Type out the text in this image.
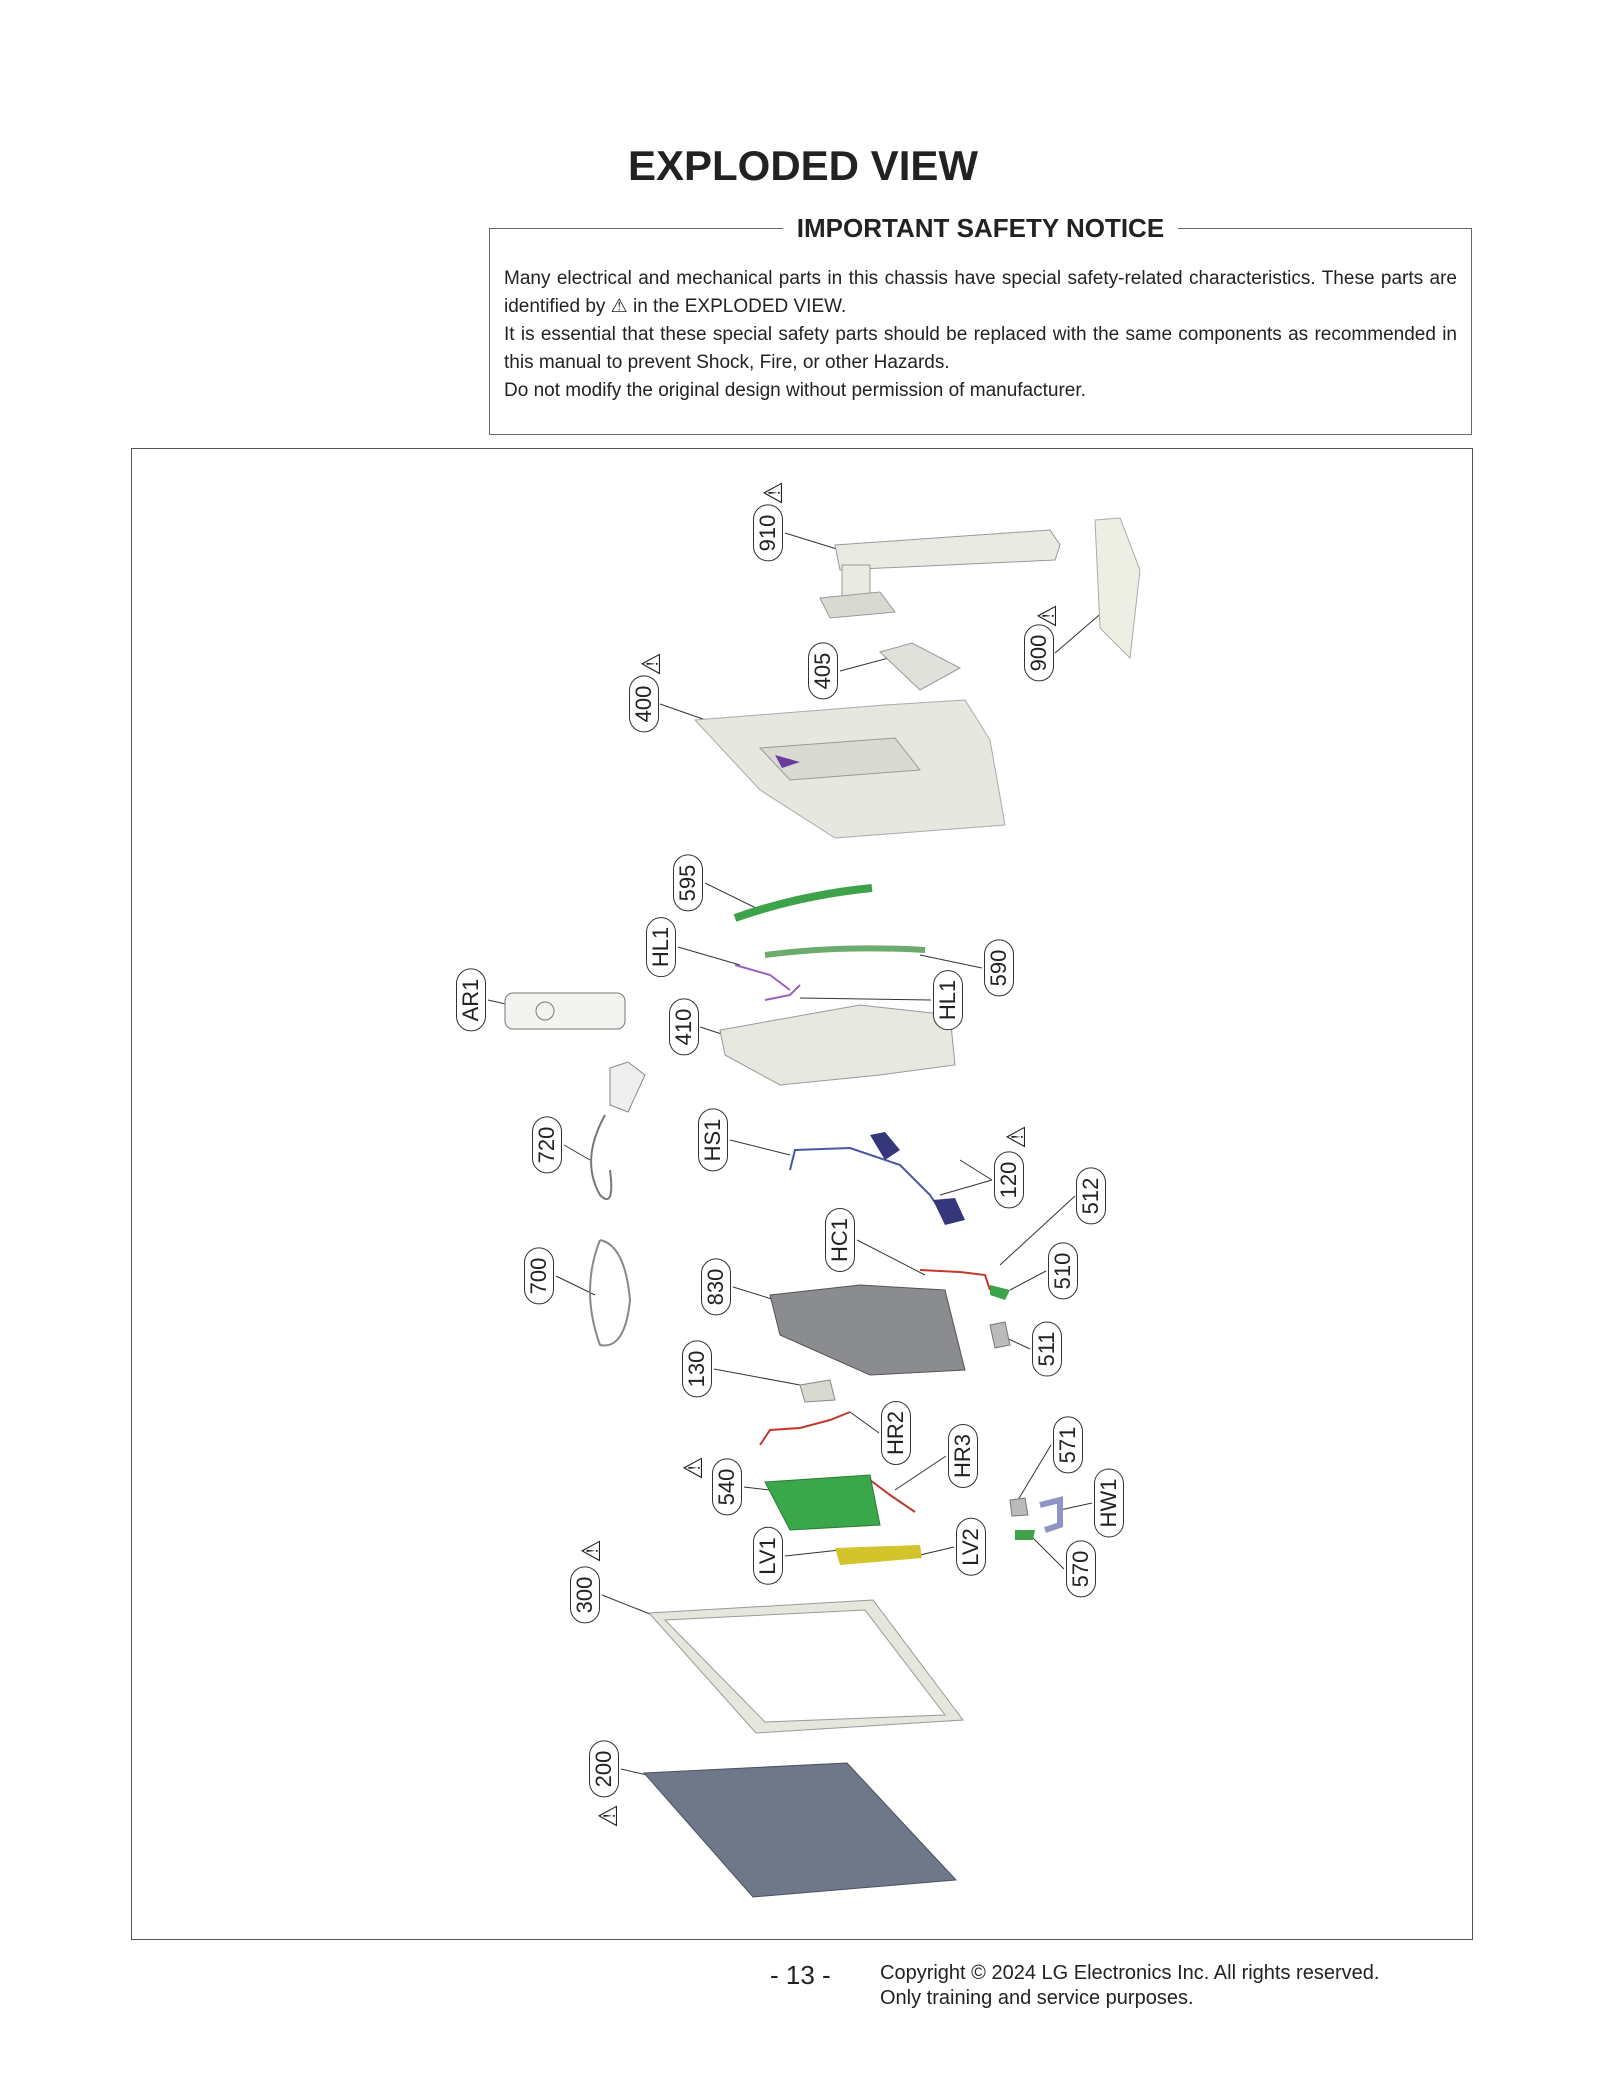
EXPLODED VIEW
IMPORTANT SAFETY NOTICE

Many electrical and mechanical parts in this chassis have special safety-related characteristics. These parts are identified by ⚠ in the EXPLODED VIEW.

It is essential that these special safety parts should be replaced with the same components as recommended in this manual to prevent Shock, Fire, or other Hazards.

Do not modify the original design without permission of manufacturer.

910
⚠
900
⚠
405
400
⚠
595
HL1
590
HL1
AR1
410
720	HS1
120
⚠
512
HC1
510
700	830
511
130
HR2	571
HR3
HW1
540
⚠
LV1	LV2
570
300
⚠
200
⚠
- 13 - Copyright © 2024 LG Electronics Inc. All rights reserved.
Only training and service purposes.
